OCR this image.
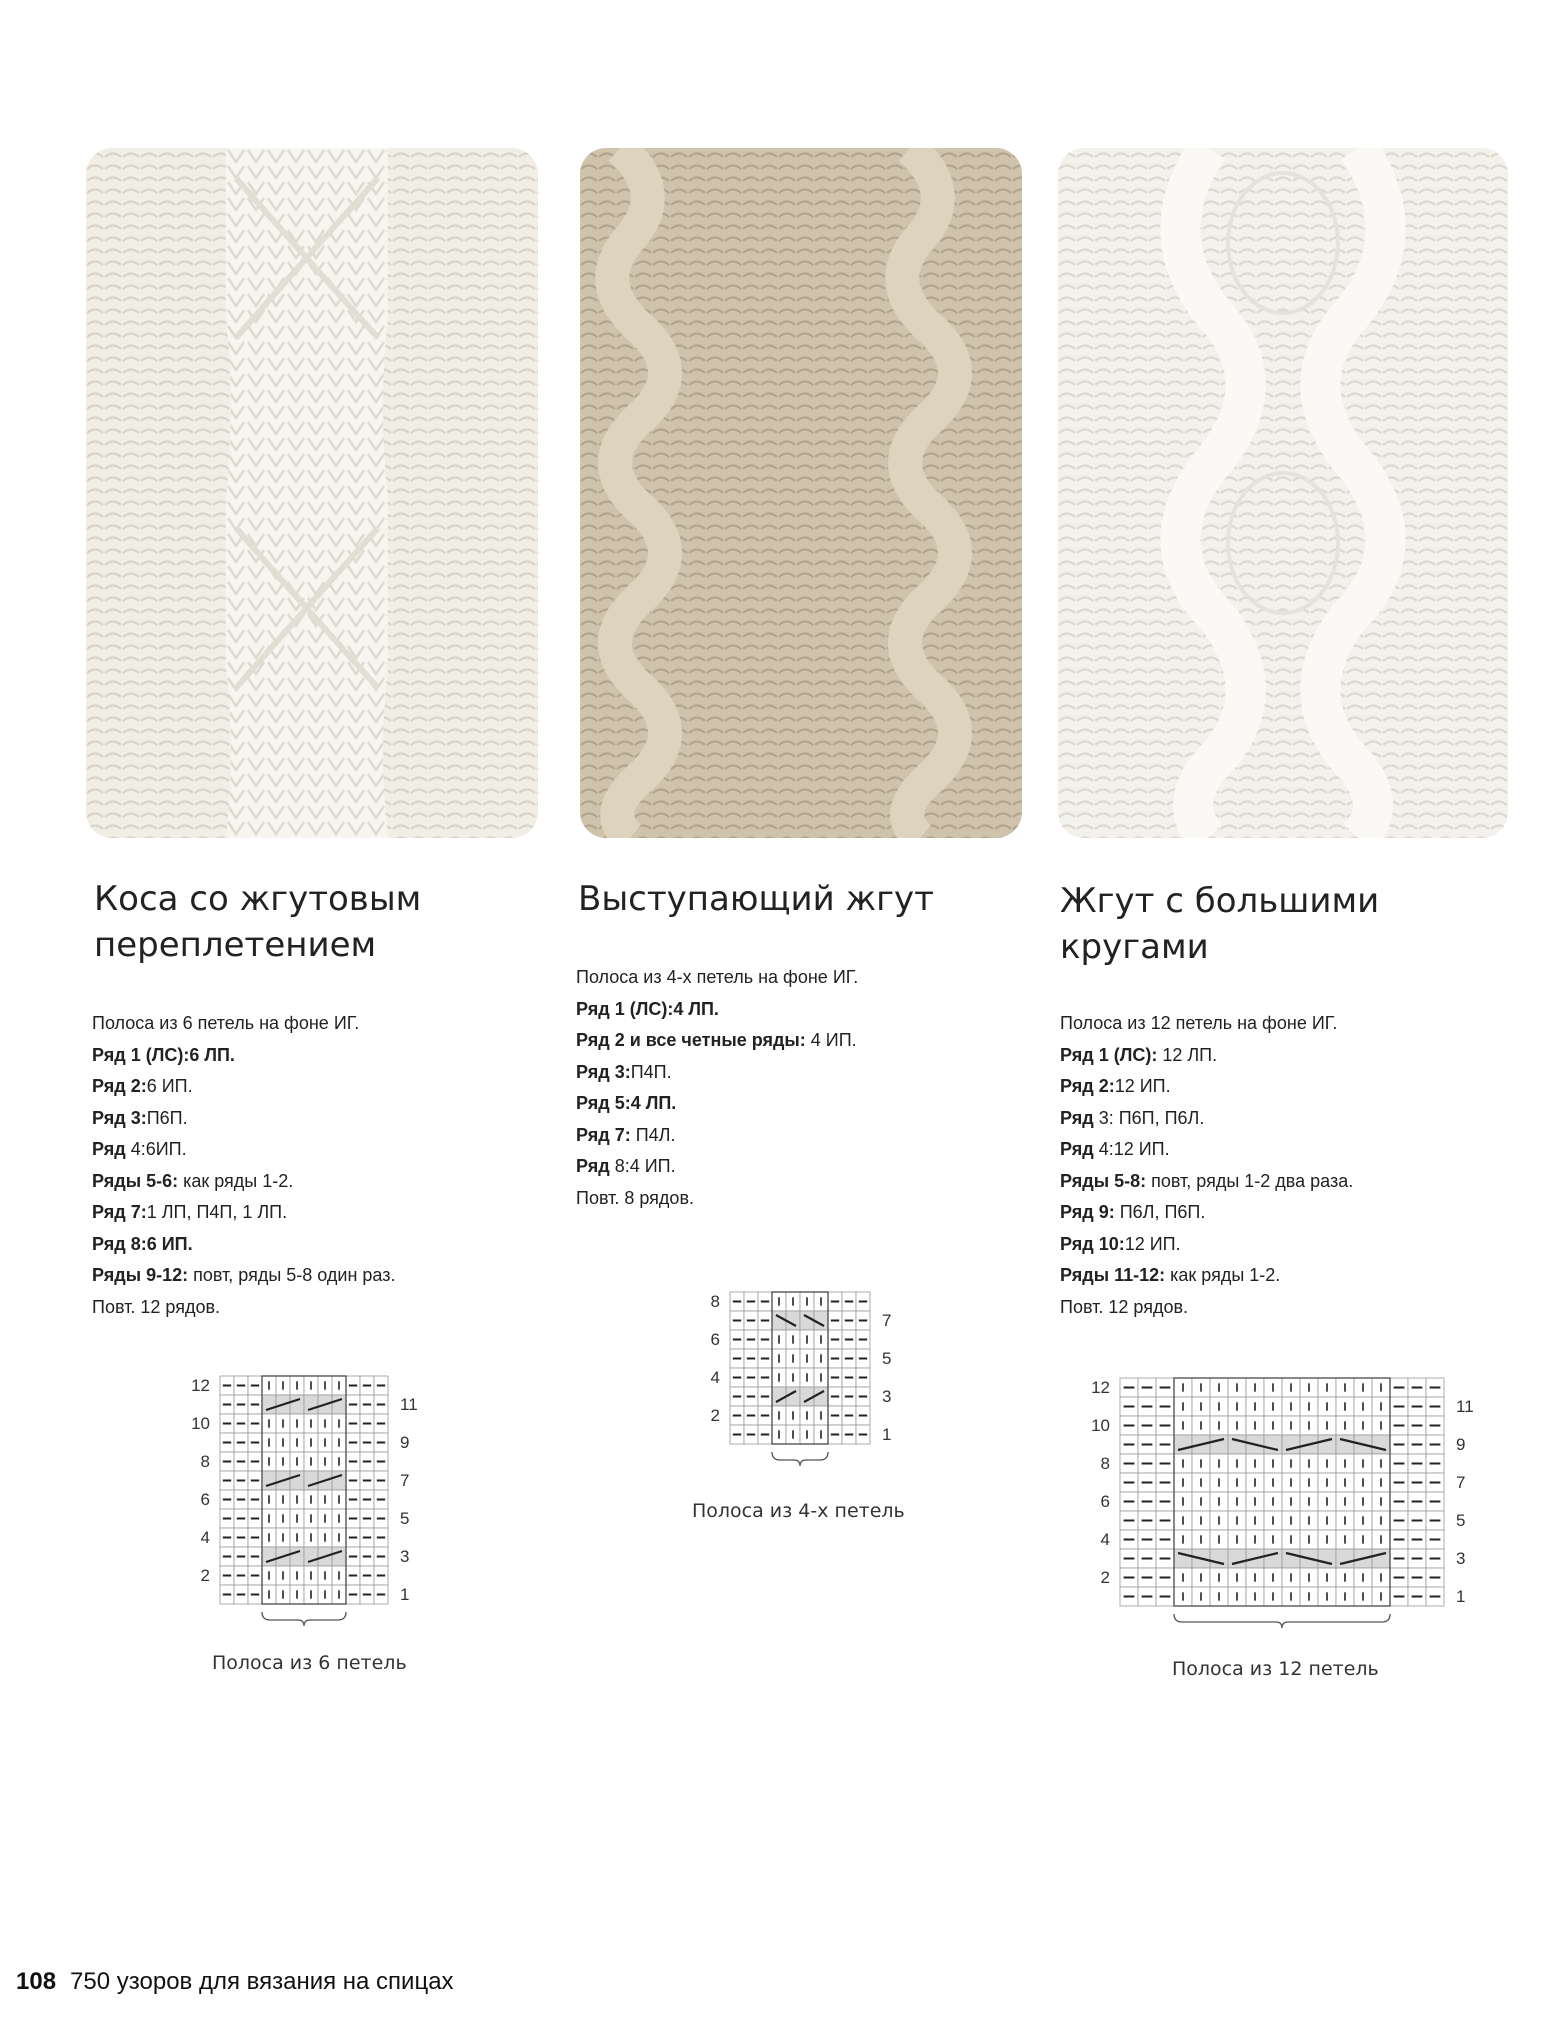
Коса со жгутовым
переплетением
Полоса из 6 петель на фоне ИГ.
Ряд 1 (ЛС):6 ЛП.
Ряд 2:6 ИП.
Ряд 3:П6П.
Ряд 4:6ИП.
Ряды 5-6: как ряды 1-2.
Ряд 7:1 ЛП, П4П, 1 ЛП.
Ряд 8:6 ИП.
Ряды 9-12: повт, ряды 5-8 один раз.
Повт. 12 рядов.
12
10
8
6
4
2
11
9
7
5
3
1
Полоса из 6 петель
Выступающий жгут
Полоса из 4-х петель на фоне ИГ.
Ряд 1 (ЛС):4 ЛП.
Ряд 2 и все четные ряды: 4 ИП.
Ряд 3:П4П.
Ряд 5:4 ЛП.
Ряд 7: П4Л.
Ряд 8:4 ИП.
Повт. 8 рядов.
8
6
4
2
7
5
3
1
Полоса из 4-х петель
Жгут с большими
кругами
Полоса из 12 петель на фоне ИГ.
Ряд 1 (ЛС): 12 ЛП.
Ряд 2:12 ИП.
Ряд 3: П6П, П6Л.
Ряд 4:12 ИП.
Ряды 5-8: повт, ряды 1-2 два раза.
Ряд 9: П6Л, П6П.
Ряд 10:12 ИП.
Ряды 11-12: как ряды 1-2.
Повт. 12 рядов.
12
10
8
6
4
2
11
9
7
5
3
1
Полоса из 12 петель
108 750 узоров для вязания на спицах
